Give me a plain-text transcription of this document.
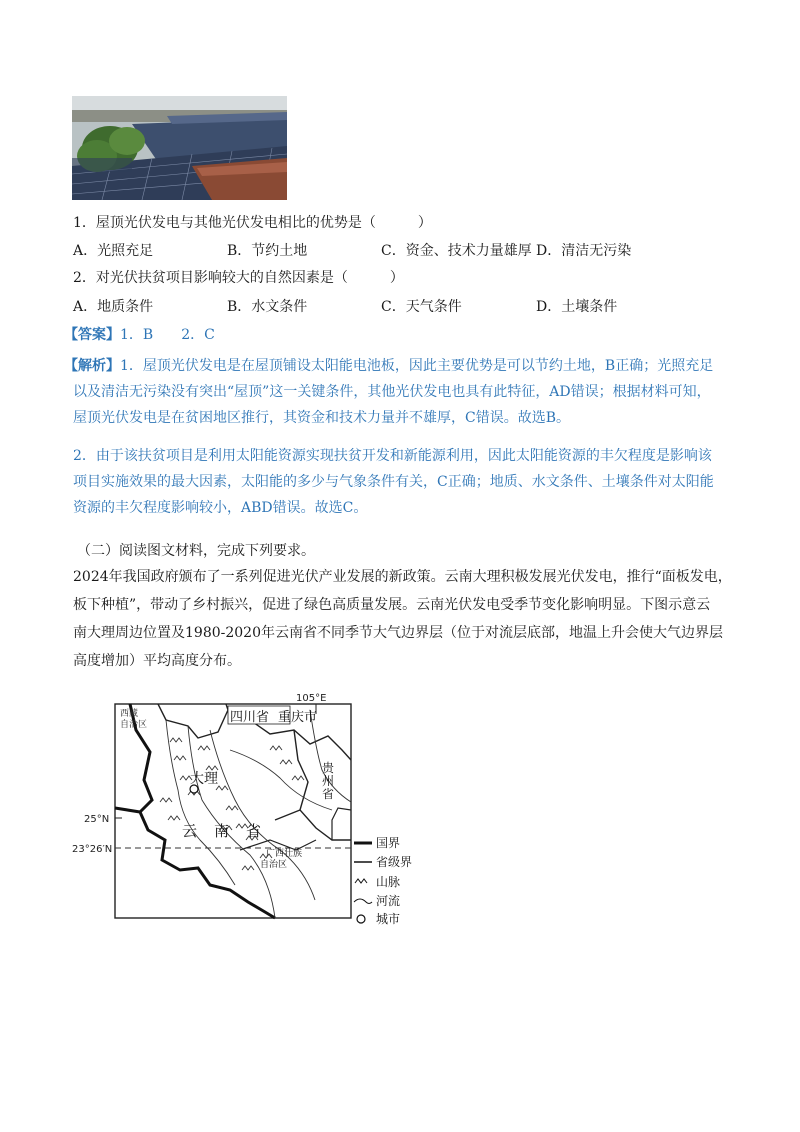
1．屋顶光伏发电与其他光伏发电相比的优势是（　　　）
A．光照充足	B．节约土地	C．资金、技术力量雄厚 D．清洁无污染
2．对光伏扶贫项目影响较大的自然因素是（　　　）
A．地质条件	B．水文条件	C．天气条件	D．土壤条件
【答案】1．B　　2．C
【解析】1．屋顶光伏发电是在屋顶铺设太阳能电池板，因此主要优势是可以节约土地，B正确；光照充足
以及清洁无污染没有突出“屋顶”这一关键条件，其他光伏发电也具有此特征，AD错误；根据材料可知，
屋顶光伏发电是在贫困地区推行，其资金和技术力量并不雄厚，C错误。故选B。
2．由于该扶贫项目是利用太阳能资源实现扶贫开发和新能源利用，因此太阳能资源的丰欠程度是影响该
项目实施效果的最大因素，太阳能的多少与气象条件有关，C正确；地质、水文条件、土壤条件对太阳能
资源的丰欠程度影响较小，ABD错误。故选C。
（二）阅读图文材料，完成下列要求。
2024年我国政府颁布了一系列促进光伏产业发展的新政策。云南大理积极发展光伏发电，推行“面板发电，
板下种植”，带动了乡村振兴，促进了绿色高质量发展。云南光伏发电受季节变化影响明显。下图示意云
南大理周边位置及1980-2020年云南省不同季节大气边界层（位于对流层底部，地温上升会使大气边界层
高度增加）平均高度分布。
105°E
25°N
23°26′N
西藏自治区	四川省 重庆市
贵州省
大理
云 南 省
广西壮族自治区
国界
省级界
山脉
河流
城市
